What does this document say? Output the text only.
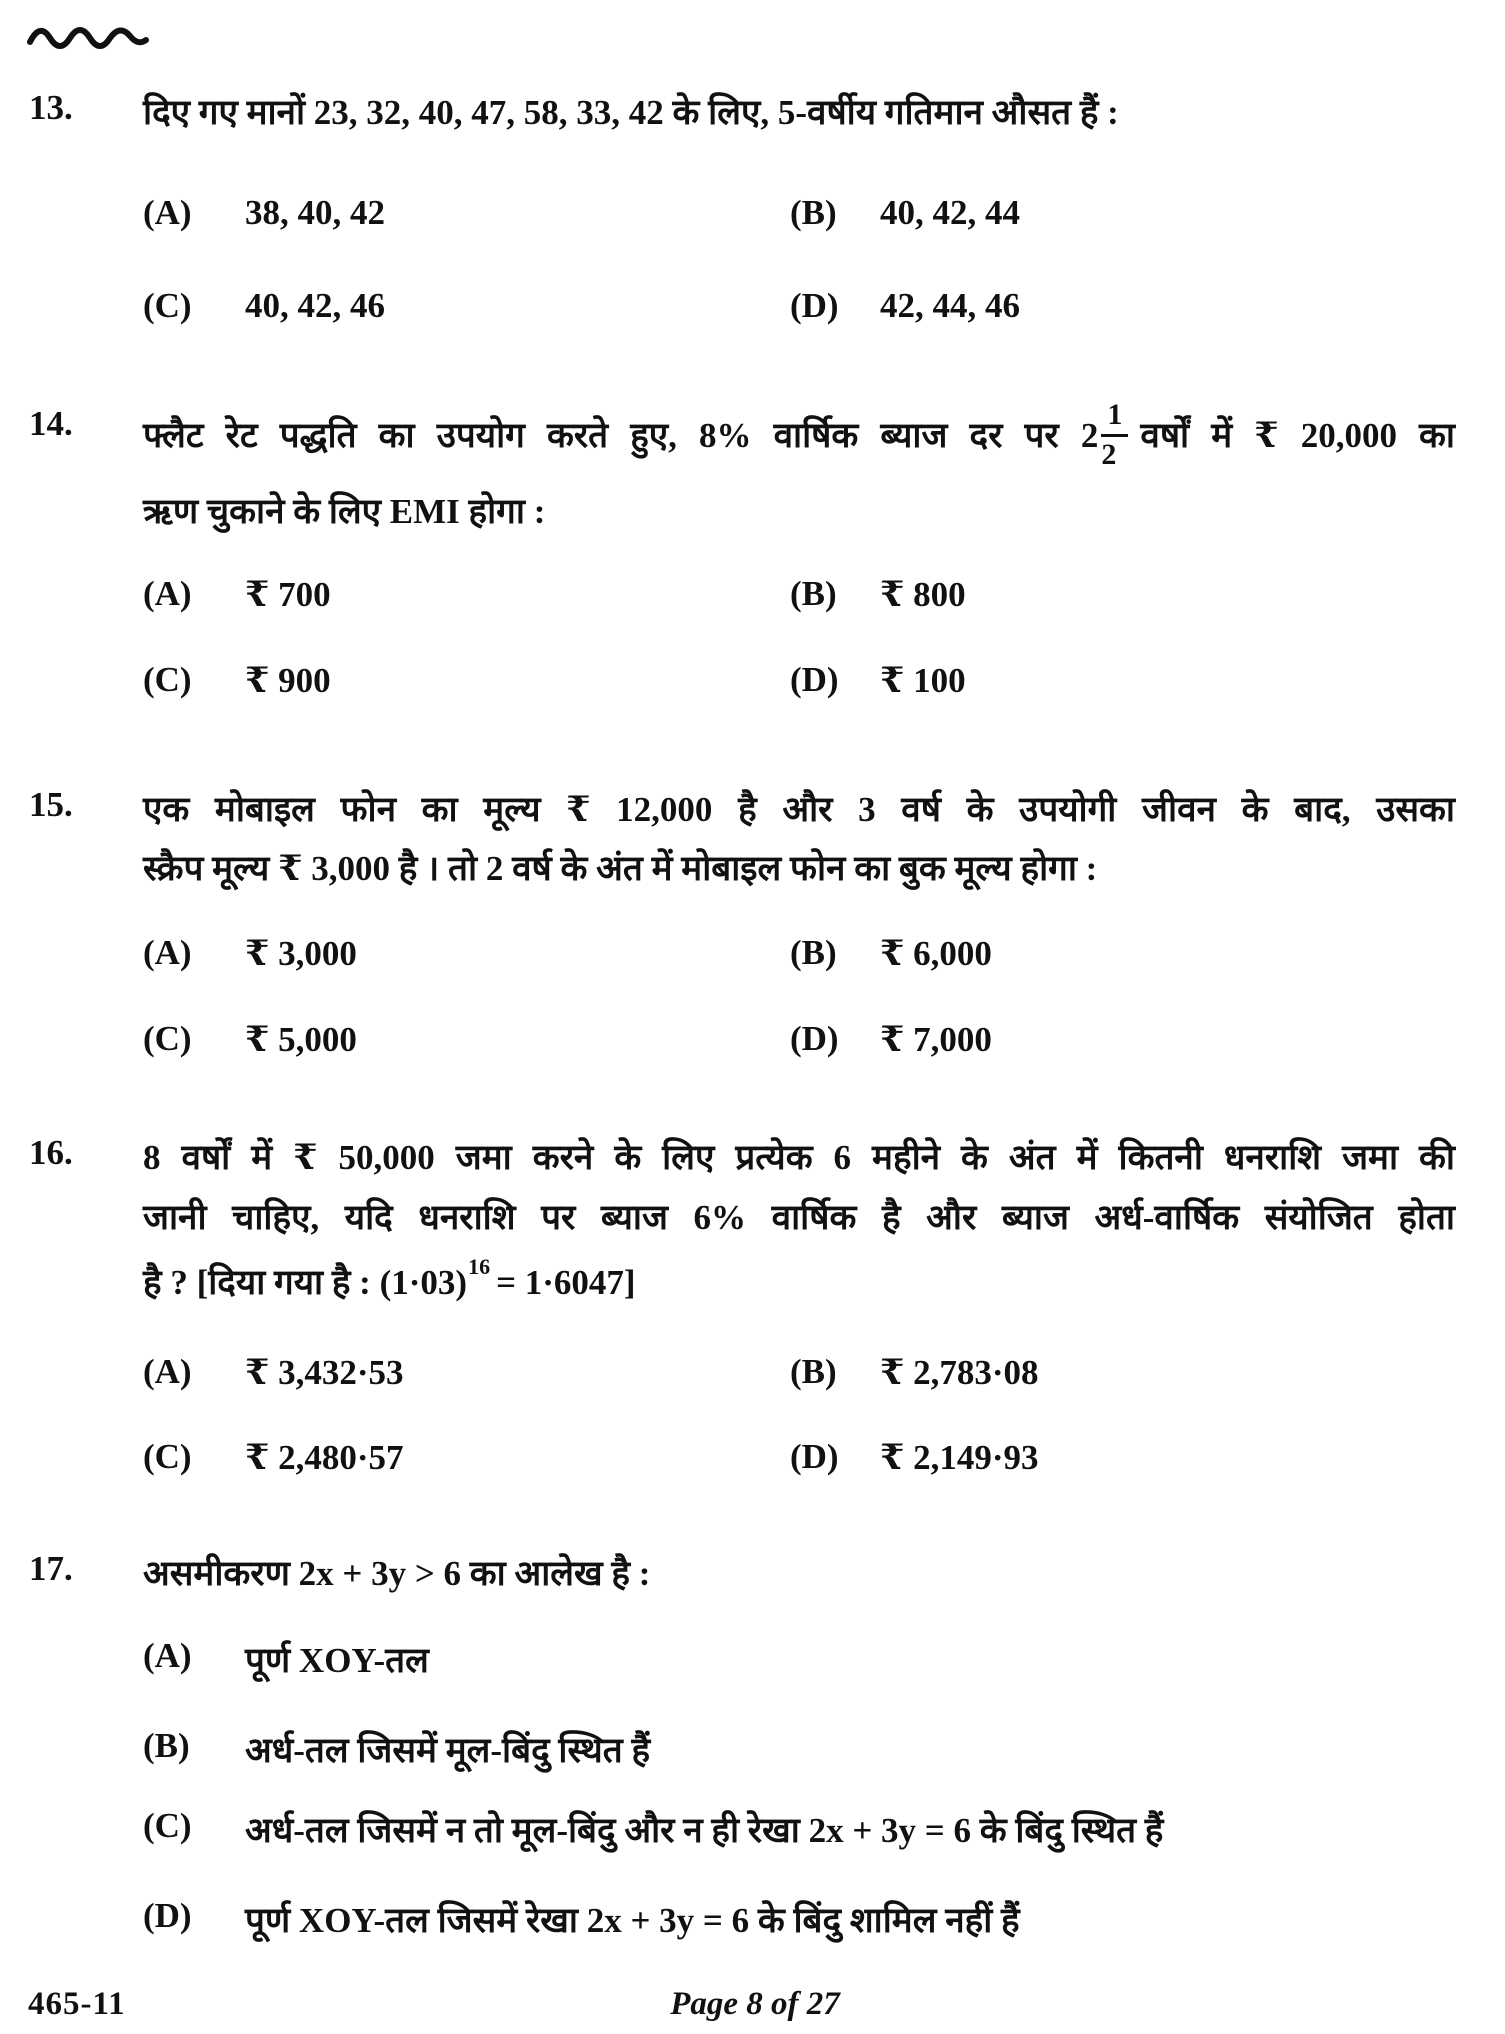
13. दिए गए मानों 23, 32, 40, 47, 58, 33, 42 के लिए, 5-वर्षीय गतिमान औसत हैं :
(A) 38, 40, 42	(B) 40, 42, 44
(C) 40, 42, 46	(D) 42, 44, 46
14. फ्लैट रेट पद्धति का उपयोग करते हुए, 8% वार्षिक ब्याज दर पर $2 \frac{1}{2}$ वर्षों में ₹ 20,000 का
ऋण चुकाने के लिए EMI होगा :
(A) ₹ 700	(B) ₹ 800
(C) ₹ 900	(D) ₹ 100
15. एक मोबाइल फोन का मूल्य ₹ 12,000 है और 3 वर्ष के उपयोगी जीवन के बाद, उसका
स्क्रैप मूल्य ₹ 3,000 है । तो 2 वर्ष के अंत में मोबाइल फोन का बुक मूल्य होगा :
(A) ₹ 3,000	(B) ₹ 6,000
(C) ₹ 5,000	(D) ₹ 7,000
16. 8 वर्षों में ₹ 50,000 जमा करने के लिए प्रत्येक 6 महीने के अंत में कितनी धनराशि जमा की
जानी चाहिए, यदि धनराशि पर ब्याज 6% वार्षिक है और ब्याज अर्ध-वार्षिक संयोजित होता
है ? [दिया गया है : $(1\cdot 03)^{16} = 1\cdot 6047$]
(A) ₹ 3,432·53	(B) ₹ 2,783·08
(C) ₹ 2,480·57	(D) ₹ 2,149·93
17. असमीकरण 2x + 3y > 6 का आलेख है :
(A) पूर्ण XOY-तल
(B) अर्ध-तल जिसमें मूल-बिंदु स्थित हैं
(C) अर्ध-तल जिसमें न तो मूल-बिंदु और न ही रेखा 2x + 3y = 6 के बिंदु स्थित हैं
(D) पूर्ण XOY-तल जिसमें रेखा 2x + 3y = 6 के बिंदु शामिल नहीं हैं
465-11	Page 8 of 27
